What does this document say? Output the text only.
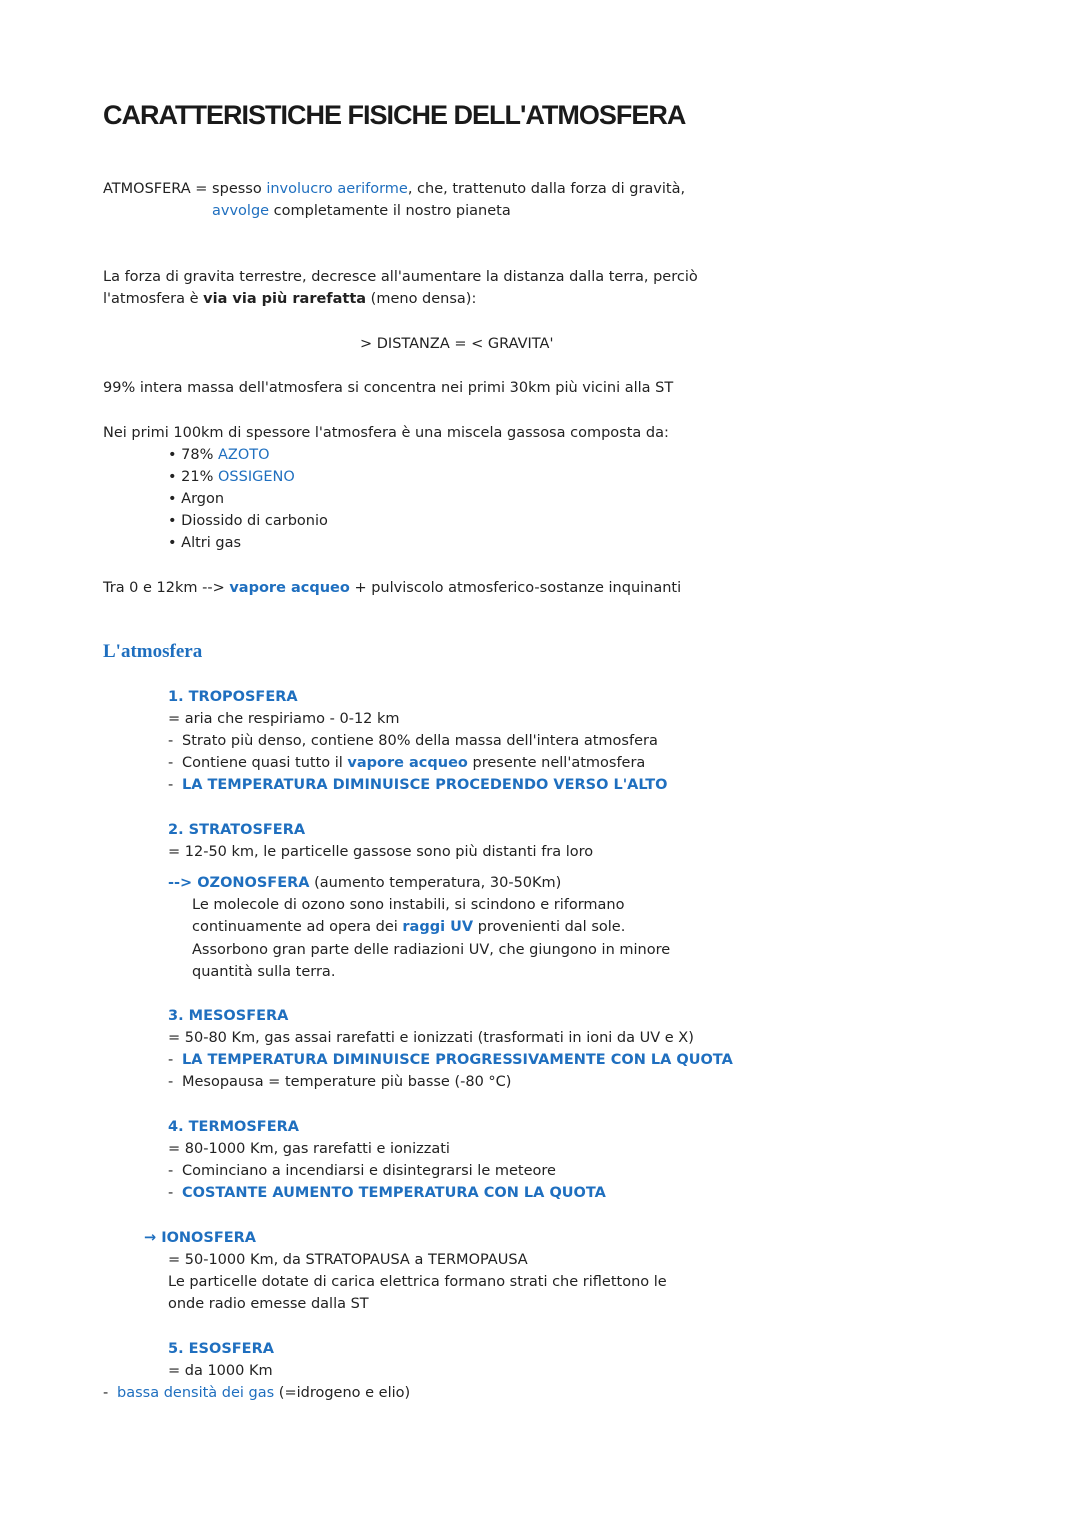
CARATTERISTICHE FISICHE DELL'ATMOSFERA
ATMOSFERA = spesso involucro aeriforme, che, trattenuto dalla forza di gravità,
avvolge completamente il nostro pianeta
La forza di gravita terrestre, decresce all'aumentare la distanza dalla terra, perciò
l'atmosfera è via via più rarefatta (meno densa):
> DISTANZA = < GRAVITA'
99% intera massa dell'atmosfera si concentra nei primi 30km più vicini alla ST
Nei primi 100km di spessore l'atmosfera è una miscela gassosa composta da:
• 78% AZOTO
• 21% OSSIGENO
• Argon
• Diossido di carbonio
• Altri gas
Tra 0 e 12km --> vapore acqueo + pulviscolo atmosferico-sostanze inquinanti
L'atmosfera
1. TROPOSFERA
= aria che respiriamo - 0-12 km
- Strato più denso, contiene 80% della massa dell'intera atmosfera
- Contiene quasi tutto il vapore acqueo presente nell'atmosfera
- LA TEMPERATURA DIMINUISCE PROCEDENDO VERSO L'ALTO
2. STRATOSFERA
= 12-50 km, le particelle gassose sono più distanti fra loro
--> OZONOSFERA (aumento temperatura, 30-50Km)
Le molecole di ozono sono instabili, si scindono e riformano
continuamente ad opera dei raggi UV provenienti dal sole.
Assorbono gran parte delle radiazioni UV, che giungono in minore
quantità sulla terra.
3. MESOSFERA
= 50-80 Km, gas assai rarefatti e ionizzati (trasformati in ioni da UV e X)
- LA TEMPERATURA DIMINUISCE PROGRESSIVAMENTE CON LA QUOTA
- Mesopausa = temperature più basse (-80 °C)
4. TERMOSFERA
= 80-1000 Km, gas rarefatti e ionizzati
- Cominciano a incendiarsi e disintegrarsi le meteore
- COSTANTE AUMENTO TEMPERATURA CON LA QUOTA
→ IONOSFERA
= 50-1000 Km, da STRATOPAUSA a TERMOPAUSA
Le particelle dotate di carica elettrica formano strati che riflettono le
onde radio emesse dalla ST
5. ESOSFERA
= da 1000 Km
- bassa densità dei gas (=idrogeno e elio)
